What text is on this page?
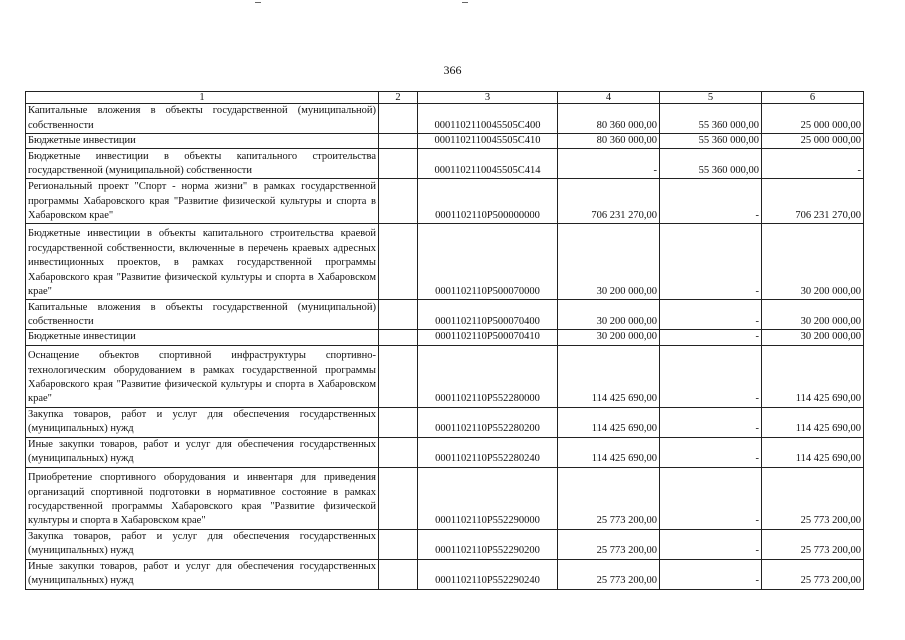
366
1	2	3	4	5	6
Капитальные вложения в объекты государственной (муниципальной) собственности		0001102110045505С400	80 360 000,00	55 360 000,00	25 000 000,00
Бюджетные инвестиции		0001102110045505С410	80 360 000,00	55 360 000,00	25 000 000,00
Бюджетные инвестиции в объекты капитального строительства государственной (муниципальной) собственности		0001102110045505С414	-	55 360 000,00	-
Региональный проект "Спорт - норма жизни" в рамках государственной программы Хабаровского края "Развитие физической культуры и спорта в Хабаровском крае"		0001102110P500000000	706 231 270,00	-	706 231 270,00
Бюджетные инвестиции в объекты капитального строительства краевой государственной собственности, включенные в перечень краевых адресных инвестиционных проектов, в рамках государственной программы Хабаровского края "Развитие физической культуры и спорта в Хабаровском крае"		0001102110P500070000	30 200 000,00	-	30 200 000,00
Капитальные вложения в объекты государственной (муниципальной) собственности		0001102110P500070400	30 200 000,00	-	30 200 000,00
Бюджетные инвестиции		0001102110P500070410	30 200 000,00	-	30 200 000,00
Оснащение объектов спортивной инфраструктуры спортивно-технологическим оборудованием в рамках государственной программы Хабаровского края "Развитие физической культуры и спорта в Хабаровском крае"		0001102110P552280000	114 425 690,00	-	114 425 690,00
Закупка товаров, работ и услуг для обеспечения государственных (муниципальных) нужд		0001102110P552280200	114 425 690,00	-	114 425 690,00
Иные закупки товаров, работ и услуг для обеспечения государственных (муниципальных) нужд		0001102110P552280240	114 425 690,00	-	114 425 690,00
Приобретение спортивного оборудования и инвентаря для приведения организаций спортивной подготовки в нормативное состояние в рамках государственной программы Хабаровского края "Развитие физической культуры и спорта в Хабаровском крае"		0001102110P552290000	25 773 200,00	-	25 773 200,00
Закупка товаров, работ и услуг для обеспечения государственных (муниципальных) нужд		0001102110P552290200	25 773 200,00	-	25 773 200,00
Иные закупки товаров, работ и услуг для обеспечения государственных (муниципальных) нужд		0001102110P552290240	25 773 200,00	-	25 773 200,00
